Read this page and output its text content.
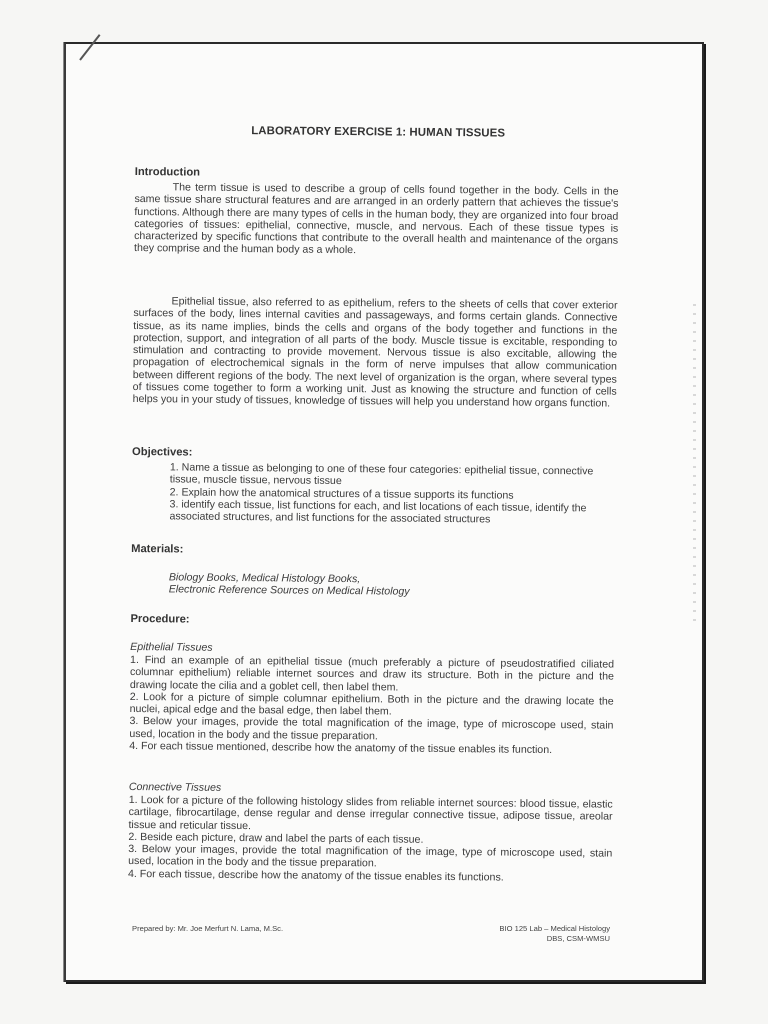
LABORATORY EXERCISE 1: HUMAN TISSUES
Introduction

The term tissue is used to describe a group of cells found together in the body. Cells in the same tissue share structural features and are arranged in an orderly pattern that achieves the tissue's functions. Although there are many types of cells in the human body, they are organized into four broad categories of tissues: epithelial, connective, muscle, and nervous. Each of these tissue types is characterized by specific functions that contribute to the overall health and maintenance of the organs they comprise and the human body as a whole.

Epithelial tissue, also referred to as epithelium, refers to the sheets of cells that cover exterior surfaces of the body, lines internal cavities and passageways, and forms certain glands. Connective tissue, as its name implies, binds the cells and organs of the body together and functions in the protection, support, and integration of all parts of the body. Muscle tissue is excitable, responding to stimulation and contracting to provide movement. Nervous tissue is also excitable, allowing the propagation of electrochemical signals in the form of nerve impulses that allow communication between different regions of the body. The next level of organization is the organ, where several types of tissues come together to form a working unit. Just as knowing the structure and function of cells helps you in your study of tissues, knowledge of tissues will help you understand how organs function.

Objectives:
1. Name a tissue as belonging to one of these four categories: epithelial tissue, connective tissue, muscle tissue, nervous tissue
2. Explain how the anatomical structures of a tissue supports its functions
3. identify each tissue, list functions for each, and list locations of each tissue, identify the associated structures, and list functions for the associated structures
Materials:
Biology Books, Medical Histology Books,
Electronic Reference Sources on Medical Histology
Procedure:
Epithelial Tissues
1. Find an example of an epithelial tissue (much preferably a picture of pseudostratified ciliated columnar epithelium) reliable internet sources and draw its structure. Both in the picture and the drawing locate the cilia and a goblet cell, then label them.
2. Look for a picture of simple columnar epithelium. Both in the picture and the drawing locate the nuclei, apical edge and the basal edge, then label them.
3. Below your images, provide the total magnification of the image, type of microscope used, stain used, location in the body and the tissue preparation.
4. For each tissue mentioned, describe how the anatomy of the tissue enables its function.
Connective Tissues
1. Look for a picture of the following histology slides from reliable internet sources: blood tissue, elastic cartilage, fibrocartilage, dense regular and dense irregular connective tissue, adipose tissue, areolar tissue and reticular tissue.
2. Beside each picture, draw and label the parts of each tissue.
3. Below your images, provide the total magnification of the image, type of microscope used, stain used, location in the body and the tissue preparation.
4. For each tissue, describe how the anatomy of the tissue enables its functions.
Prepared by: Mr. Joe Merfurt N. Lama, M.Sc.	BIO 125 Lab – Medical Histology
DBS, CSM-WMSU
